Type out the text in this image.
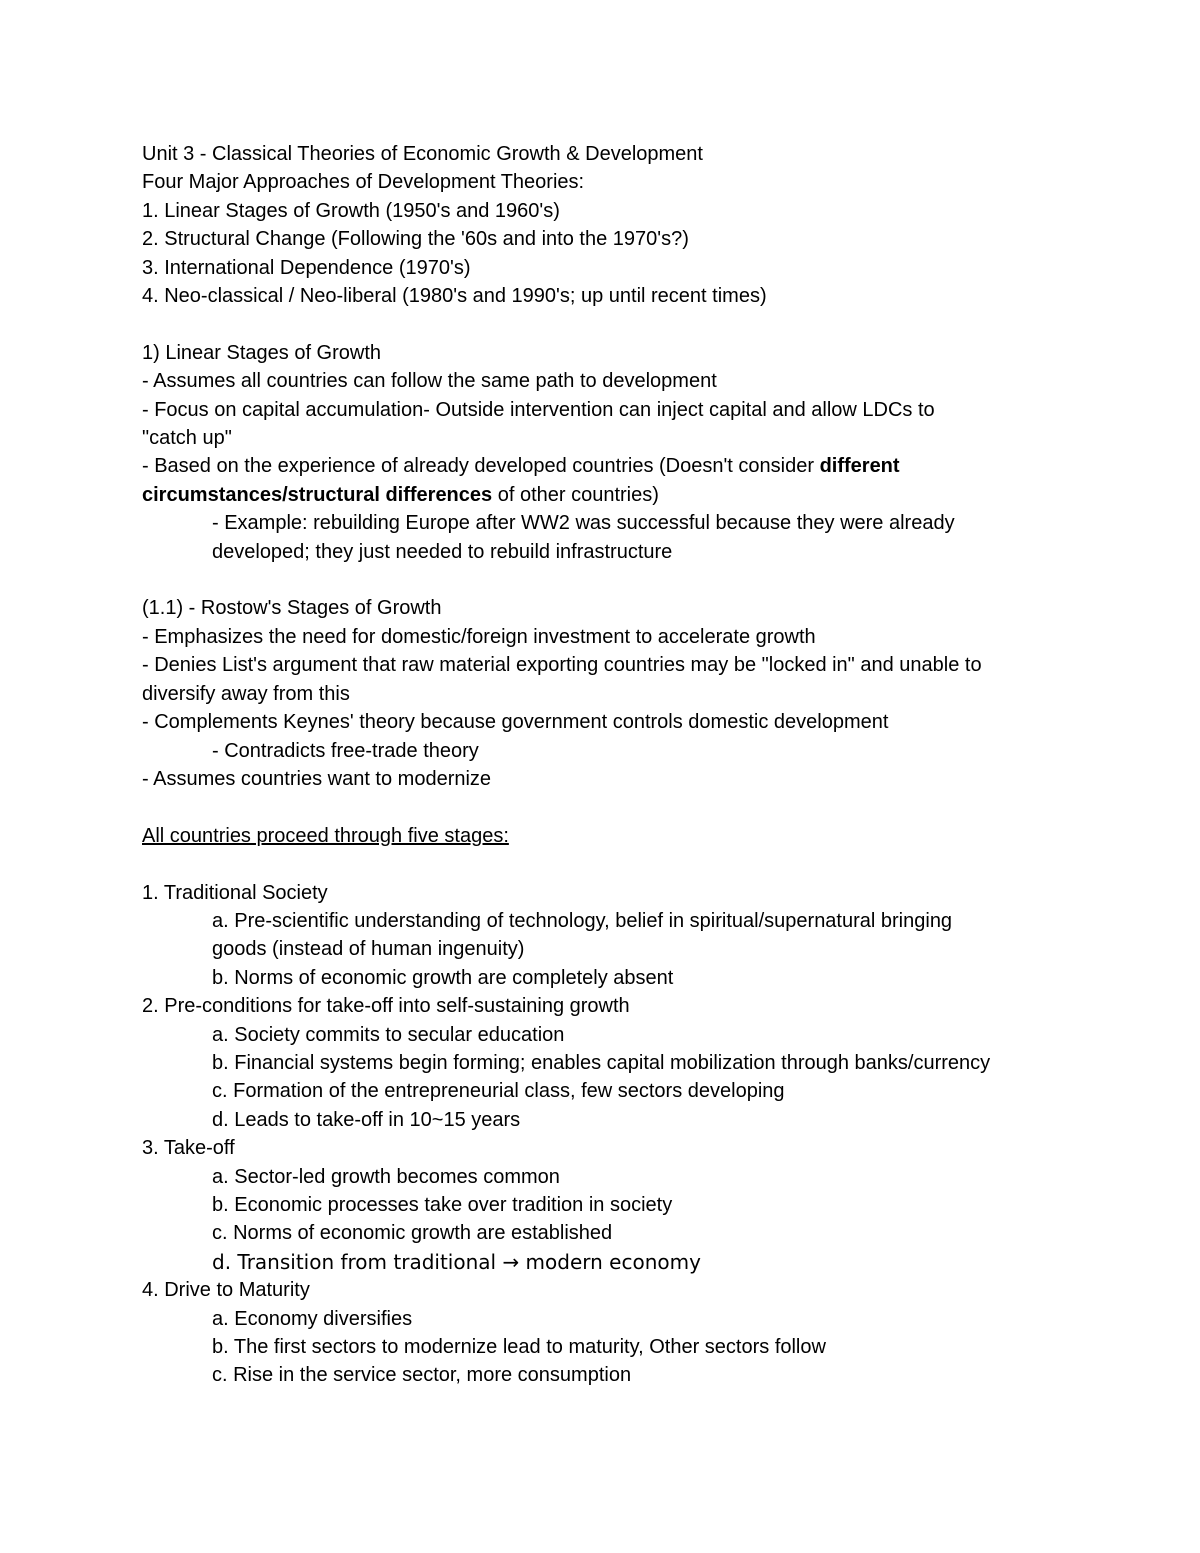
Unit 3 - Classical Theories of Economic Growth & Development
Four Major Approaches of Development Theories:
1. Linear Stages of Growth (1950's and 1960's)
2. Structural Change (Following the '60s and into the 1970's?)
3. International Dependence (1970's)
4. Neo-classical / Neo-liberal (1980's and 1990's; up until recent times)
1) Linear Stages of Growth
- Assumes all countries can follow the same path to development
- Focus on capital accumulation- Outside intervention can inject capital and allow LDCs to
"catch up"
- Based on the experience of already developed countries (Doesn't consider different
circumstances/structural differences of other countries)
- Example: rebuilding Europe after WW2 was successful because they were already
developed; they just needed to rebuild infrastructure
(1.1) - Rostow's Stages of Growth
- Emphasizes the need for domestic/foreign investment to accelerate growth
- Denies List's argument that raw material exporting countries may be "locked in" and unable to
diversify away from this
- Complements Keynes' theory because government controls domestic development
- Contradicts free-trade theory
- Assumes countries want to modernize
All countries proceed through five stages:
1. Traditional Society
a. Pre-scientific understanding of technology, belief in spiritual/supernatural bringing
goods (instead of human ingenuity)
b. Norms of economic growth are completely absent
2. Pre-conditions for take-off into self-sustaining growth
a. Society commits to secular education
b. Financial systems begin forming; enables capital mobilization through banks/currency
c. Formation of the entrepreneurial class, few sectors developing
d. Leads to take-off in 10~15 years
3. Take-off
a. Sector-led growth becomes common
b. Economic processes take over tradition in society
c. Norms of economic growth are established
d. Transition from traditional → modern economy
4. Drive to Maturity
a. Economy diversifies
b. The first sectors to modernize lead to maturity, Other sectors follow
c. Rise in the service sector, more consumption
